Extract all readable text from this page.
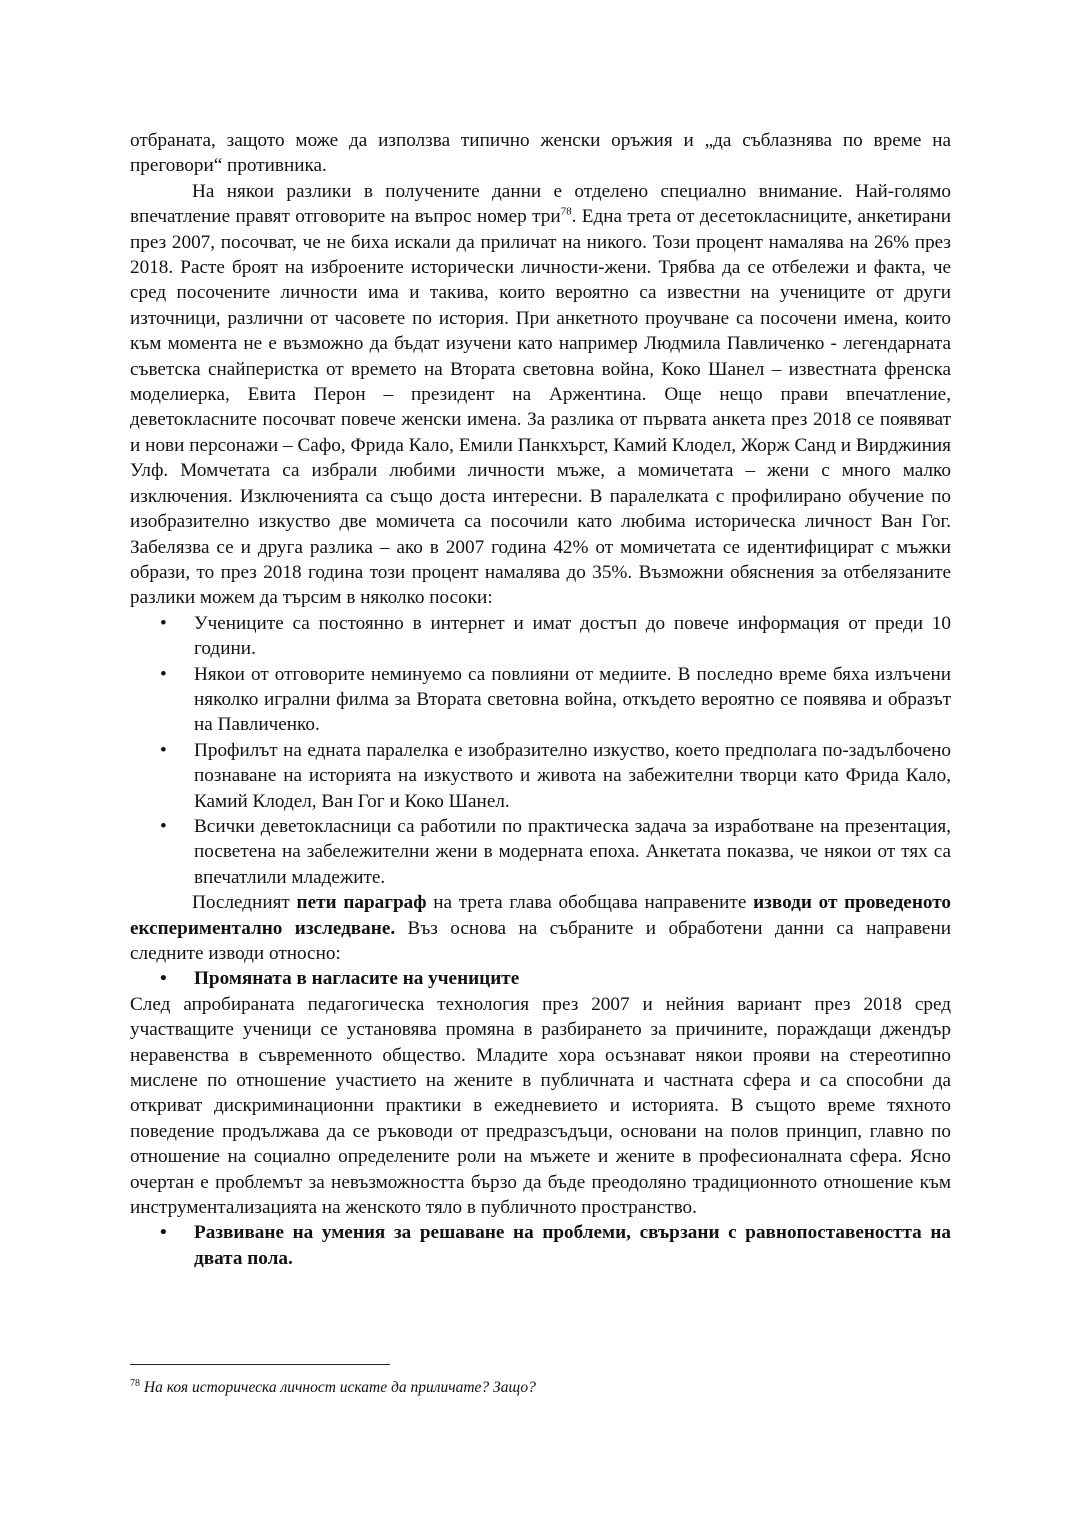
отбраната, защото може да използва типично женски оръжия и „да съблазнява по време на преговори“ противника.

На някои разлики в получените данни е отделено специално внимание. Най-голямо впечатление правят отговорите на въпрос номер три$^{78}$. Една трета от десетокласниците, анкетирани през 2007, посочват, че не биха искали да приличат на никого. Този процент намалява на 26% през 2018. Расте броят на изброените исторически личности-жени. Трябва да се отбележи и факта, че сред посочените личности има и такива, които вероятно са известни на учениците от други източници, различни от часовете по история. При анкетното проучване са посочени имена, които към момента не е възможно да бъдат изучени като например Людмила Павличенко - легендарната съветска снайперистка от времето на Втората световна война, Коко Шанел – известната френска моделиерка, Евита Перон – президент на Аржентина. Още нещо прави впечатление, деветокласните посочват повече женски имена. За разлика от първата анкета през 2018 се появяват и нови персонажи – Сафо, Фрида Кало, Емили Панкхърст, Камий Клодел, Жорж Санд и Вирджиния Улф. Момчетата са избрали любими личности мъже, а момичетата – жени с много малко изключения. Изключенията са също доста интересни. В паралелката с профилирано обучение по изобразително изкуство две момичета са посочили като любима историческа личност Ван Гог. Забелязва се и друга разлика – ако в 2007 година 42% от момичетата се идентифицират с мъжки образи, то през 2018 година този процент намалява до 35%. Възможни обяснения за отбелязаните разлики можем да търсим в няколко посоки:

• Учениците са постоянно в интернет и имат достъп до повече информация от преди 10 години.
• Някои от отговорите неминуемо са повлияни от медиите. В последно време бяха излъчени няколко игрални филма за Втората световна война, откъдето вероятно се появява и образът на Павличенко.
• Профилът на едната паралелка е изобразително изкуство, което предполага по-задълбочено познаване на историята на изкуството и живота на забежителни творци като Фрида Кало, Камий Клодел, Ван Гог и Коко Шанел.
• Всички деветокласници са работили по практическа задача за изработване на презентация, посветена на забележителни жени в модерната епоха. Анкетата показва, че някои от тях са впечатлили младежите.

Последният пети параграф на трета глава обобщава направените изводи от проведеното експериментално изследване. Въз основа на събраните и обработени данни са направени следните изводи относно:

• Промяната в нагласите на учениците

След апробираната педагогическа технология през 2007 и нейния вариант през 2018 сред участващите ученици се установява промяна в разбирането за причините, пораждащи джендър неравенства в съвременното общество. Младите хора осъзнават някои прояви на стереотипно мислене по отношение участието на жените в публичната и частната сфера и са способни да откриват дискриминационни практики в ежедневието и историята. В същото време тяхното поведение продължава да се ръководи от предразсъдъци, основани на полов принцип, главно по отношение на социално определените роли на мъжете и жените в професионалната сфера. Ясно очертан е проблемът за невъзможността бързо да бъде преодоляно традиционното отношение към инструментализацията на женското тяло в публичното пространство.

• Развиване на умения за решаване на проблеми, свързани с равнопоставеността на двата пола.
$^{78}$ На коя историческа личност искате да приличате? Защо?
